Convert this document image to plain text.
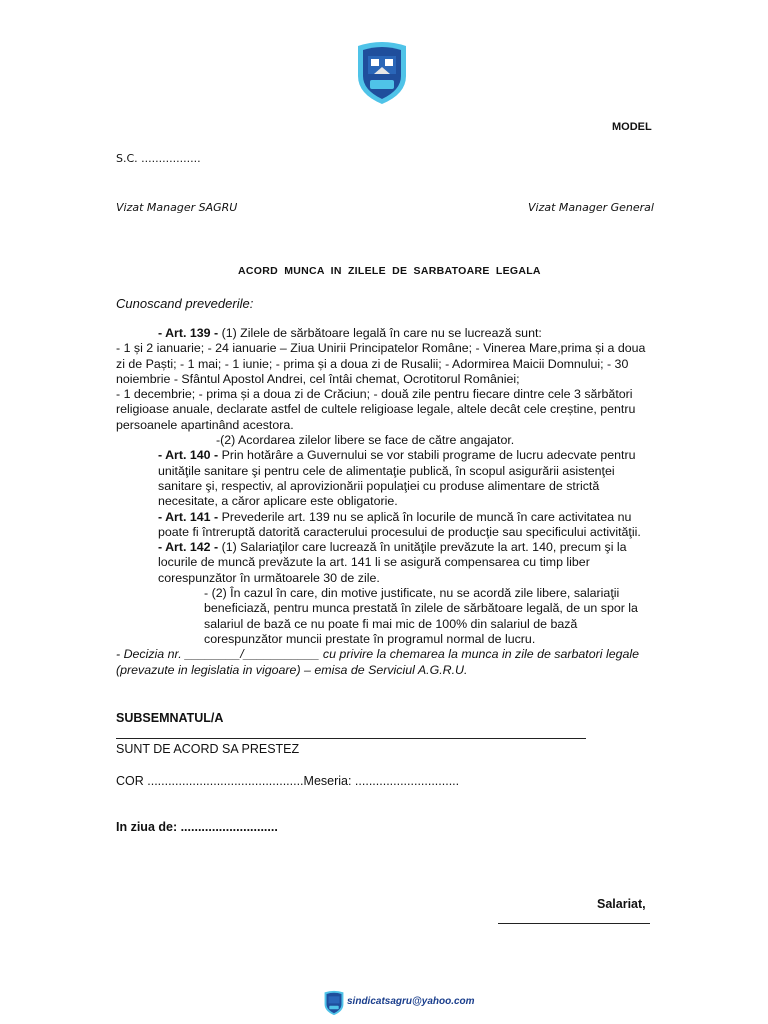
MODEL
S.C. .................
Vizat Manager SAGRU	Vizat Manager General
ACORD MUNCA IN ZILELE DE SARBATOARE LEGALA
Cunoscand prevederile:

- Art. 139 - (1) Zilele de sărbătoare legală în care nu se lucrează sunt:

- 1 și 2 ianuarie; - 24 ianuarie – Ziua Unirii Principatelor Române; - Vinerea Mare,prima și a doua zi de Paști; - 1 mai; - 1 iunie; - prima și a doua zi de Rusalii; - Adormirea Maicii Domnului; - 30 noiembrie - Sfântul Apostol Andrei, cel întâi chemat, Ocrotitorul României;

- 1 decembrie; - prima și a doua zi de Crăciun; - două zile pentru fiecare dintre cele 3 sărbători religioase anuale, declarate astfel de cultele religioase legale, altele decât cele creștine, pentru persoanele apartinând acestora.

-(2) Acordarea zilelor libere se face de către angajator.

- Art. 140 - Prin hotărâre a Guvernului se vor stabili programe de lucru adecvate pentru unităţile sanitare şi pentru cele de alimentaţie publică, în scopul asigurării asistenţei sanitare şi, respectiv, al aprovizionării populaţiei cu produse alimentare de strictă necesitate, a căror aplicare este obligatorie.

- Art. 141 - Prevederile art. 139 nu se aplică în locurile de muncă în care activitatea nu poate fi întreruptă datorită caracterului procesului de producţie sau specificului activităţii.

- Art. 142 - (1) Salariaţilor care lucrează în unităţile prevăzute la art. 140, precum şi la locurile de muncă prevăzute la art. 141 li se asigură compensarea cu timp liber corespunzător în următoarele 30 de zile.

- (2) În cazul în care, din motive justificate, nu se acordă zile libere, salariaţii beneficiază, pentru munca prestată în zilele de sărbătoare legală, de un spor la salariul de bază ce nu poate fi mai mic de 100% din salariul de bază corespunzător muncii prestate în programul normal de lucru.

- Decizia nr. ________/___________ cu privire la chemarea la munca in zile de sarbatori legale (prevazute in legislatia in vigoare) – emisa de Serviciul A.G.R.U.

SUBSEMNATUL/A
SUNT DE ACORD SA PRESTEZ
COR .............................................Meseria: ..............................
In ziua de: ............................
Salariat,
sindicatsagru@yahoo.com
